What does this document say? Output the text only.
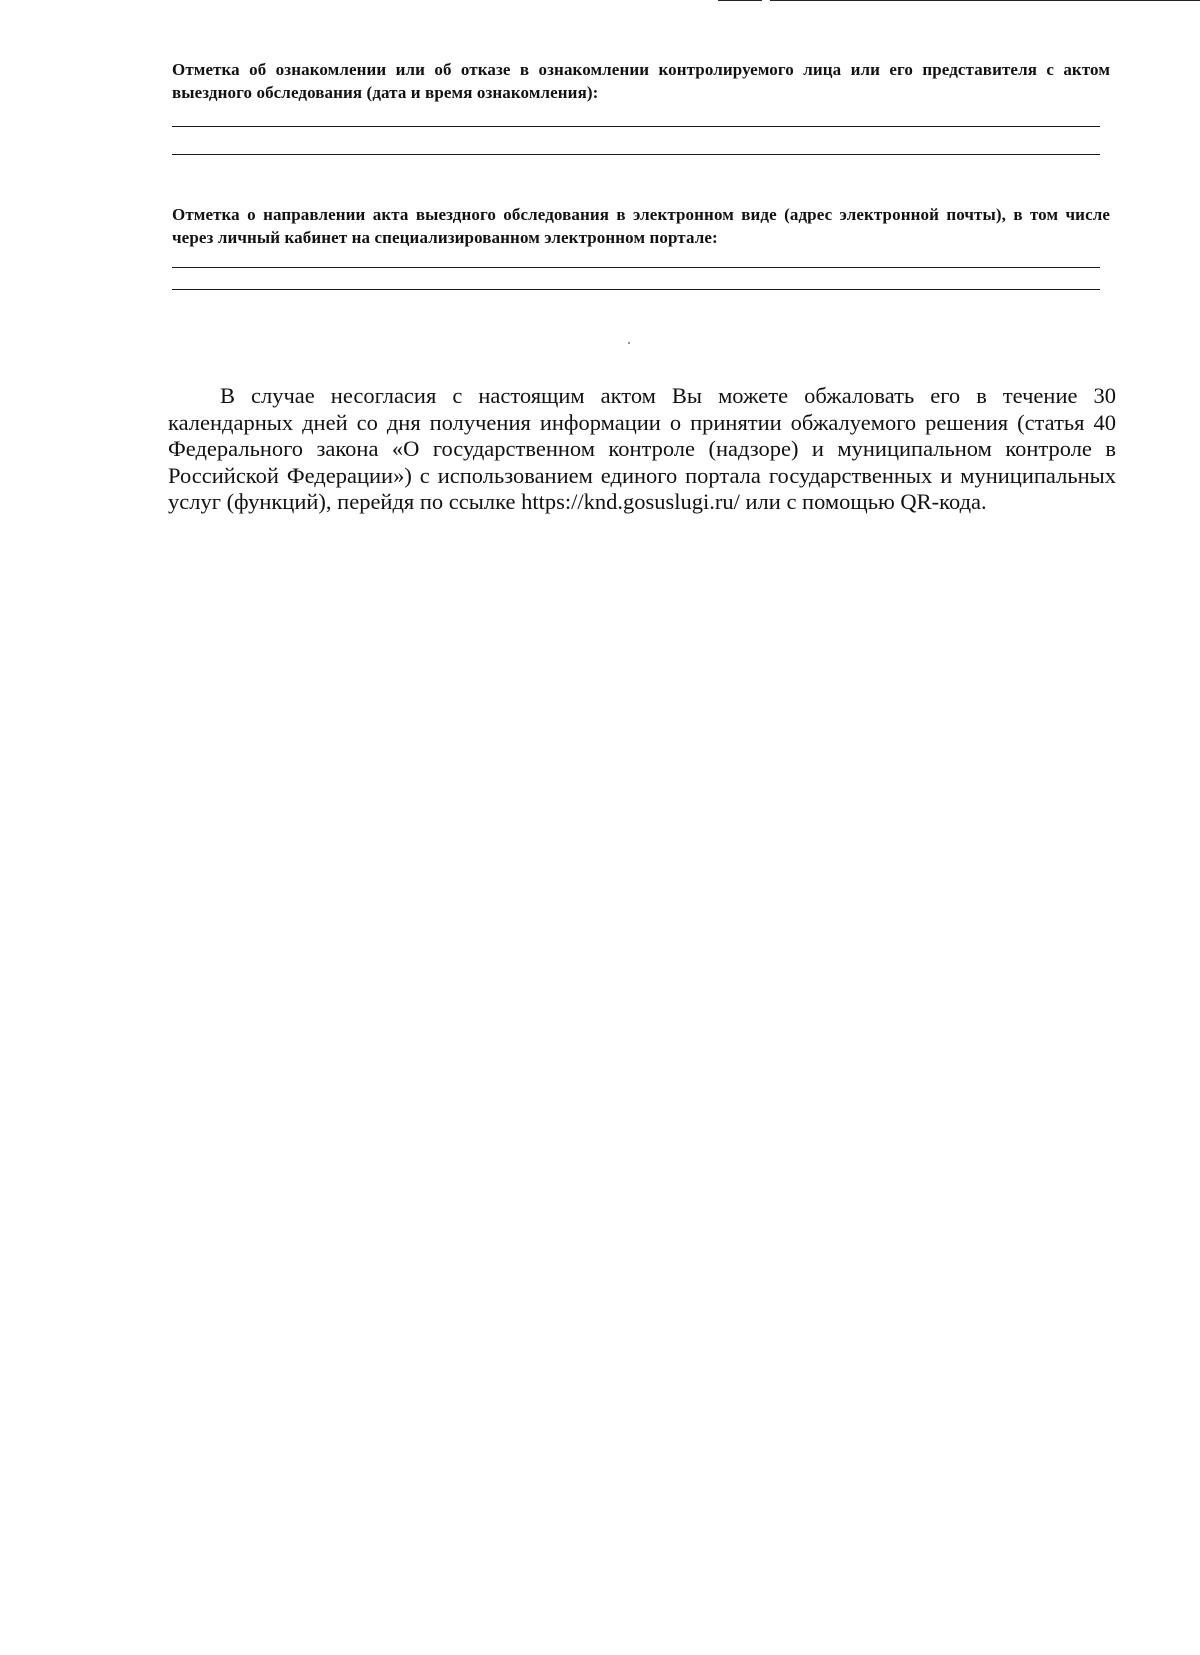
Отметка об ознакомлении или об отказе в ознакомлении контролируемого лица или его представителя с актом выездного обследования (дата и время ознакомления):

Отметка о направлении акта выездного обследования в электронном виде (адрес электронной почты), в том числе через личный кабинет на специализированном электронном портале:

В случае несогласия с настоящим актом Вы можете обжаловать его в течение 30 календарных дней со дня получения информации о принятии обжалуемого решения (статья 40 Федерального закона «О государственном контроле (надзоре) и муниципальном контроле в Российской Федерации») с использованием единого портала государственных и муниципальных услуг (функций), перейдя по ссылке https://knd.gosuslugi.ru/ или с помощью QR-кода.
